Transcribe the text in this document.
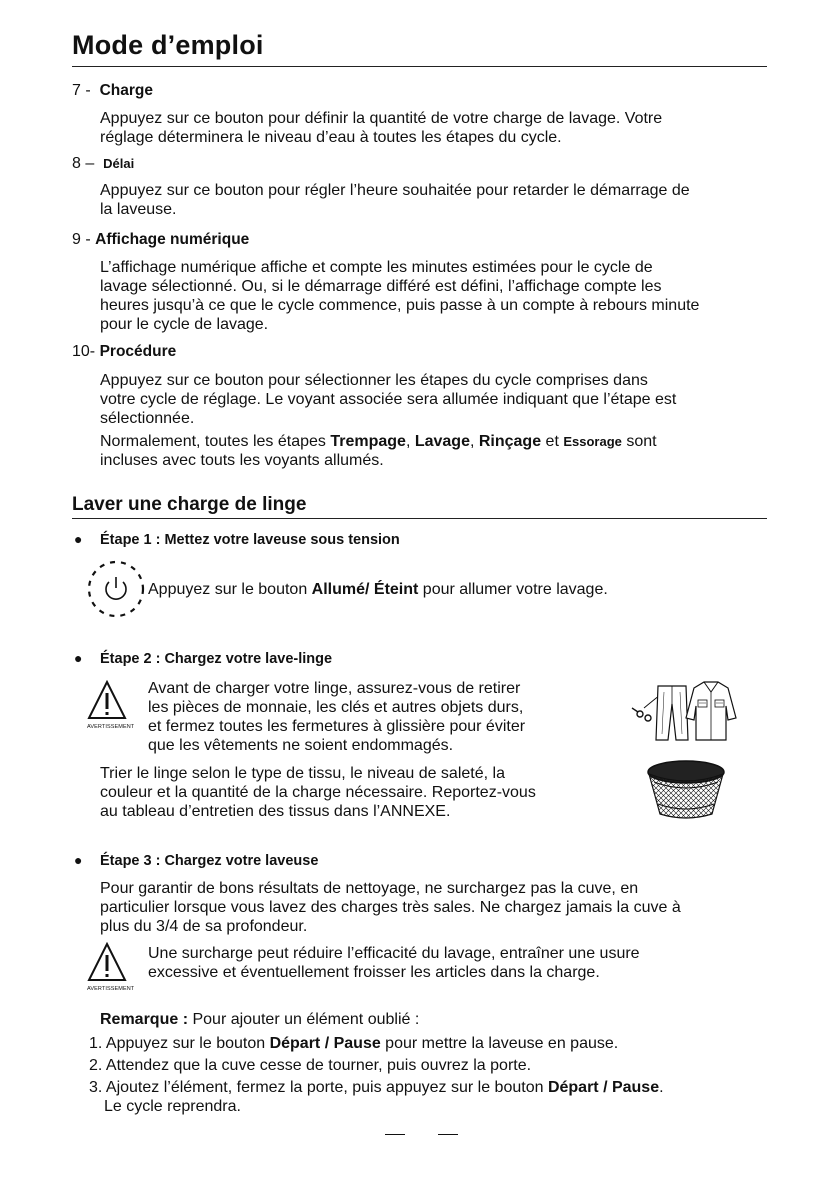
Mode d’emploi
7 - Charge
Appuyez sur ce bouton pour définir la quantité de votre charge de lavage. Votre
réglage déterminera le niveau d’eau à toutes les étapes du cycle.
8 – Délai
Appuyez sur ce bouton pour régler l’heure souhaitée pour retarder le démarrage de
la laveuse.
9 - Affichage numérique
L’affichage numérique affiche et compte les minutes estimées pour le cycle de
lavage sélectionné. Ou, si le démarrage différé est défini, l’affichage compte les
heures jusqu’à ce que le cycle commence, puis passe à un compte à rebours minute
pour le cycle de lavage.
10- Procédure
Appuyez sur ce bouton pour sélectionner les étapes du cycle comprises dans
votre cycle de réglage. Le voyant associée sera allumée indiquant que l’étape est
sélectionnée.
Normalement, toutes les étapes Trempage, Lavage, Rinçage et Essorage sont
incluses avec touts les voyants allumés.
Laver une charge de linge
● Étape 1 : Mettez votre laveuse sous tension
Appuyez sur le bouton Allumé/ Éteint pour allumer votre lavage.
● Étape 2 : Chargez votre lave-linge
AVERTISSEMENT
Avant de charger votre linge, assurez-vous de retirer
les pièces de monnaie, les clés et autres objets durs,
et fermez toutes les fermetures à glissière pour éviter
que les vêtements ne soient endommagés.
Trier le linge selon le type de tissu, le niveau de saleté, la
couleur et la quantité de la charge nécessaire. Reportez-vous
au tableau d’entretien des tissus dans l’ANNEXE.
● Étape 3 : Chargez votre laveuse
Pour garantir de bons résultats de nettoyage, ne surchargez pas la cuve, en
particulier lorsque vous lavez des charges très sales. Ne chargez jamais la cuve à
plus du 3/4 de sa profondeur.
AVERTISSEMENT
Une surcharge peut réduire l’efficacité du lavage, entraîner une usure
excessive et éventuellement froisser les articles dans la charge.
Remarque : Pour ajouter un élément oublié :
1. Appuyez sur le bouton Départ / Pause pour mettre la laveuse en pause.
2. Attendez que la cuve cesse de tourner, puis ouvrez la porte.
3. Ajoutez l’élément, fermez la porte, puis appuyez sur le bouton Départ / Pause.
Le cycle reprendra.
